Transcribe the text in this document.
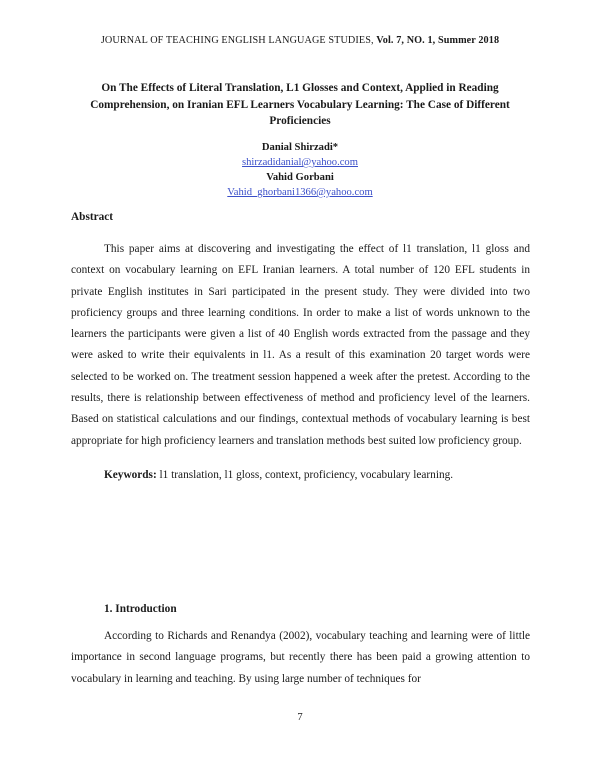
JOURNAL OF TEACHING ENGLISH LANGUAGE STUDIES, Vol. 7, NO. 1, Summer 2018
On The Effects of Literal Translation, L1 Glosses and Context, Applied in Reading Comprehension, on Iranian EFL Learners Vocabulary Learning: The Case of Different Proficiencies
Danial Shirzadi*
shirzadidanial@yahoo.com
Vahid Gorbani
Vahid_ghorbani1366@yahoo.com
Abstract

This paper aims at discovering and investigating the effect of l1 translation, l1 gloss and context on vocabulary learning on EFL Iranian learners. A total number of 120 EFL students in private English institutes in Sari participated in the present study. They were divided into two proficiency groups and three learning conditions. In order to make a list of words unknown to the learners the participants were given a list of 40 English words extracted from the passage and they were asked to write their equivalents in l1. As a result of this examination 20 target words were selected to be worked on. The treatment session happened a week after the pretest. According to the results, there is relationship between effectiveness of method and proficiency level of the learners. Based on statistical calculations and our findings, contextual methods of vocabulary learning is best appropriate for high proficiency learners and translation methods best suited low proficiency group.

Keywords: l1 translation, l1 gloss, context, proficiency, vocabulary learning.
1. Introduction

According to Richards and Renandya (2002), vocabulary teaching and learning were of little importance in second language programs, but recently there has been paid a growing attention to vocabulary in learning and teaching. By using large number of techniques for

7
